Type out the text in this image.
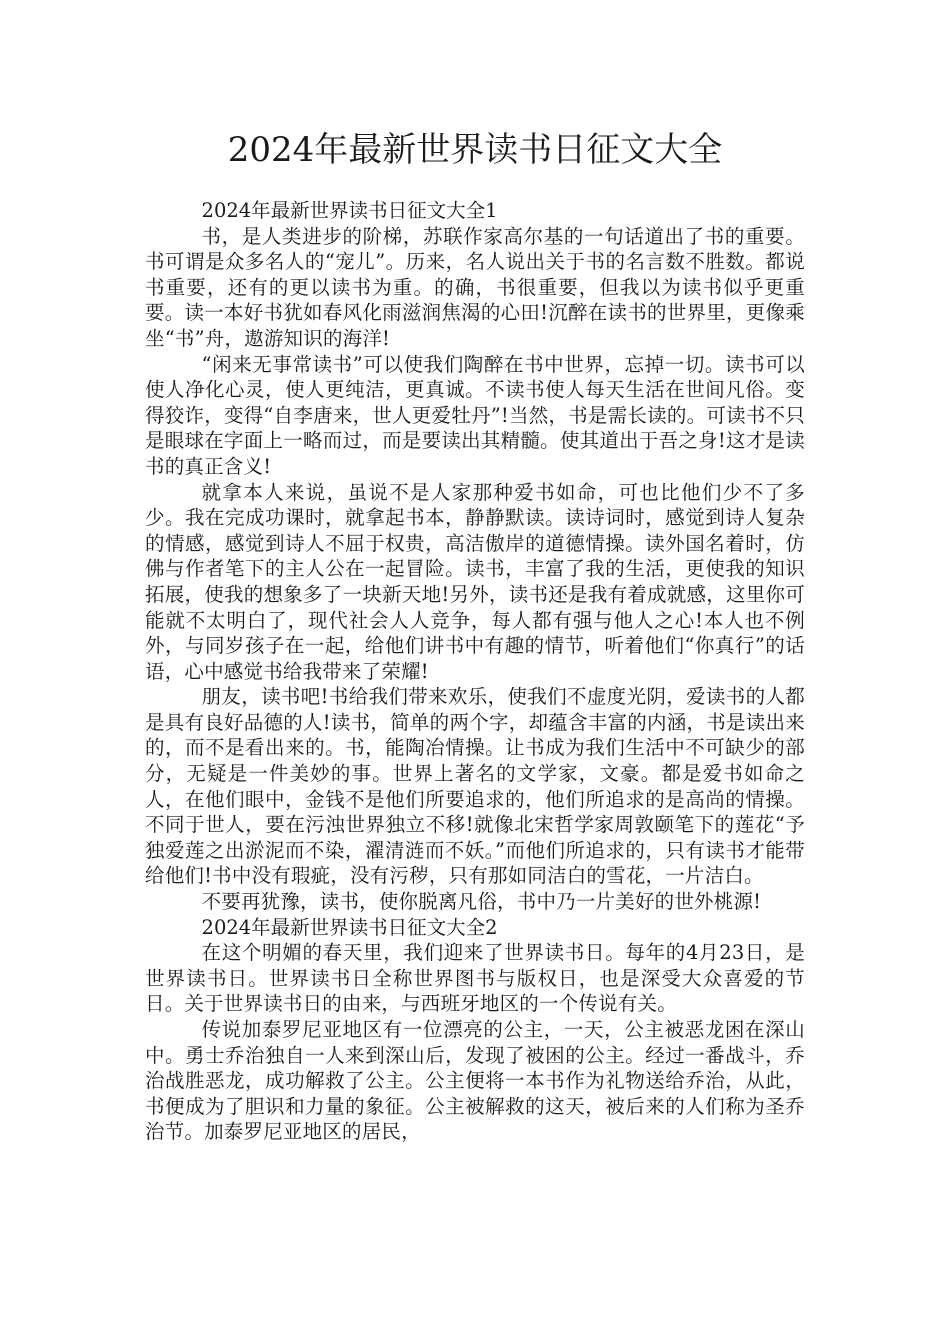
2024年最新世界读书日征文大全

2024年最新世界读书日征文大全1

书，是人类进步的阶梯，苏联作家高尔基的一句话道出了书的重要。书可谓是众多名人的“宠儿”。历来，名人说出关于书的名言数不胜数。都说书重要，还有的更以读书为重。的确，书很重要，但我以为读书似乎更重要。读一本好书犹如春风化雨滋润焦渴的心田!沉醉在读书的世界里，更像乘坐“书”舟，遨游知识的海洋!

“闲来无事常读书”可以使我们陶醉在书中世界，忘掉一切。读书可以使人净化心灵，使人更纯洁，更真诚。不读书使人每天生活在世间凡俗。变得狡诈，变得“自李唐来，世人更爱牡丹”!当然，书是需长读的。可读书不只是眼球在字面上一略而过，而是要读出其精髓。使其道出于吾之身!这才是读书的真正含义!

就拿本人来说，虽说不是人家那种爱书如命，可也比他们少不了多少。我在完成功课时，就拿起书本，静静默读。读诗词时，感觉到诗人复杂的情感，感觉到诗人不屈于权贵，高洁傲岸的道德情操。读外国名着时，仿佛与作者笔下的主人公在一起冒险。读书，丰富了我的生活，更使我的知识拓展，使我的想象多了一块新天地!另外，读书还是我有着成就感，这里你可能就不太明白了，现代社会人人竞争，每人都有强与他人之心!本人也不例外，与同岁孩子在一起，给他们讲书中有趣的情节，听着他们“你真行”的话语，心中感觉书给我带来了荣耀!

朋友，读书吧!书给我们带来欢乐，使我们不虚度光阴，爱读书的人都是具有良好品德的人!读书，简单的两个字，却蕴含丰富的内涵，书是读出来的，而不是看出来的。书，能陶冶情操。让书成为我们生活中不可缺少的部分，无疑是一件美妙的事。世界上著名的文学家，文豪。都是爱书如命之人，在他们眼中，金钱不是他们所要追求的，他们所追求的是高尚的情操。不同于世人，要在污浊世界独立不移!就像北宋哲学家周敦颐笔下的莲花“予独爱莲之出淤泥而不染，濯清涟而不妖。”而他们所追求的，只有读书才能带给他们!书中没有瑕疵，没有污秽，只有那如同洁白的雪花，一片洁白。

不要再犹豫，读书，使你脱离凡俗，书中乃一片美好的世外桃源!

2024年最新世界读书日征文大全2

在这个明媚的春天里，我们迎来了世界读书日。每年的4月23日，是世界读书日。世界读书日全称世界图书与版权日，也是深受大众喜爱的节日。关于世界读书日的由来，与西班牙地区的一个传说有关。

传说加泰罗尼亚地区有一位漂亮的公主，一天，公主被恶龙困在深山中。勇士乔治独自一人来到深山后，发现了被困的公主。经过一番战斗，乔治战胜恶龙，成功解救了公主。公主便将一本书作为礼物送给乔治，从此，书便成为了胆识和力量的象征。公主被解救的这天，被后来的人们称为圣乔治节。加泰罗尼亚地区的居民，
